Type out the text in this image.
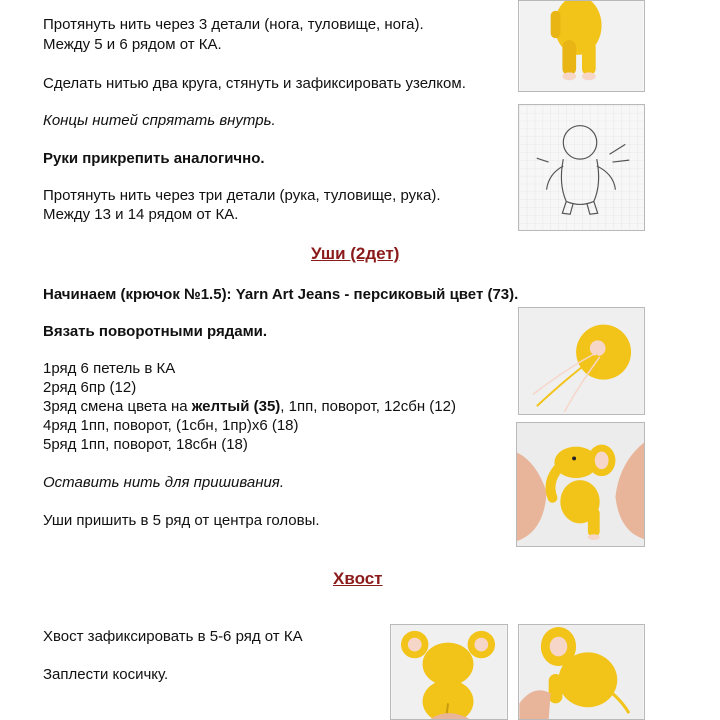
Протянуть нить через 3 детали (нога, туловище, нога).
Между 5 и 6 рядом от КА.
Сделать нитью два круга, стянуть и зафиксировать узелком.
Концы нитей спрятать внутрь.
Руки прикрепить аналогично.
Протянуть нить через три детали (рука, туловище, рука).
Между 13 и 14 рядом от КА.
Уши (2дет)
Начинаем (крючок №1.5): Yarn Art Jeans - персиковый цвет (73).
Вязать поворотными рядами.
1ряд 6 петель в КА
2ряд 6пр (12)
3ряд смена цвета на желтый (35), 1пп, поворот, 12сбн (12)
4ряд 1пп, поворот, (1сбн, 1пр)х6 (18)
5ряд 1пп, поворот, 18сбн (18)
Оставить нить для пришивания.
Уши пришить в 5 ряд от центра головы.
Хвост
Хвост зафиксировать в 5-6 ряд от КА
Заплести косичку.
